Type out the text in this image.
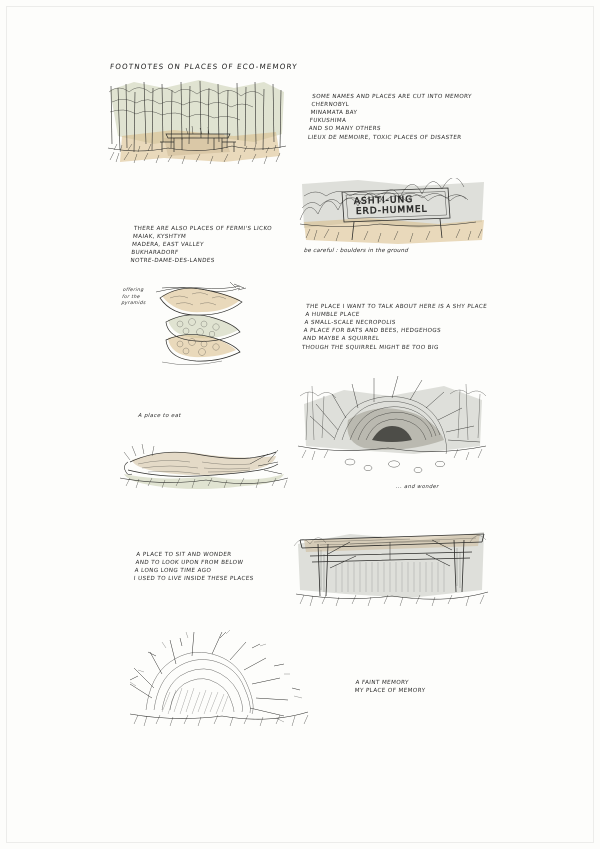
FOOTNOTES ON PLACES OF ECO-MEMORY
SOME NAMES AND PLACES ARE CUT INTO MEMORY
CHERNOBYL
MINAMATA BAY
FUKUSHIMA
AND SO MANY OTHERS
LIEUX DE MEMOIRE, TOXIC PLACES OF DISASTER
ASHTI-UNG
ERD-HUMMEL
be careful : boulders in the ground
THERE ARE ALSO PLACES OF FERMI'S LICKO
MAIAK, KYSHTYM
MADERA, EAST VALLEY
BUKHARADORF
NOTRE-DAME-DES-LANDES
offering
for the
pyramids
THE PLACE I WANT TO TALK ABOUT HERE IS A SHY PLACE
A HUMBLE PLACE
A SMALL-SCALE NECROPOLIS
A PLACE FOR BATS AND BEES, HEDGEHOGS
AND MAYBE A SQUIRREL
THOUGH THE SQUIRREL MIGHT BE TOO BIG
... and wonder
A place to eat
A PLACE TO SIT AND WONDER
AND TO LOOK UPON FROM BELOW
A LONG LONG TIME AGO
I USED TO LIVE INSIDE THESE PLACES
A FAINT MEMORY
MY PLACE OF MEMORY
